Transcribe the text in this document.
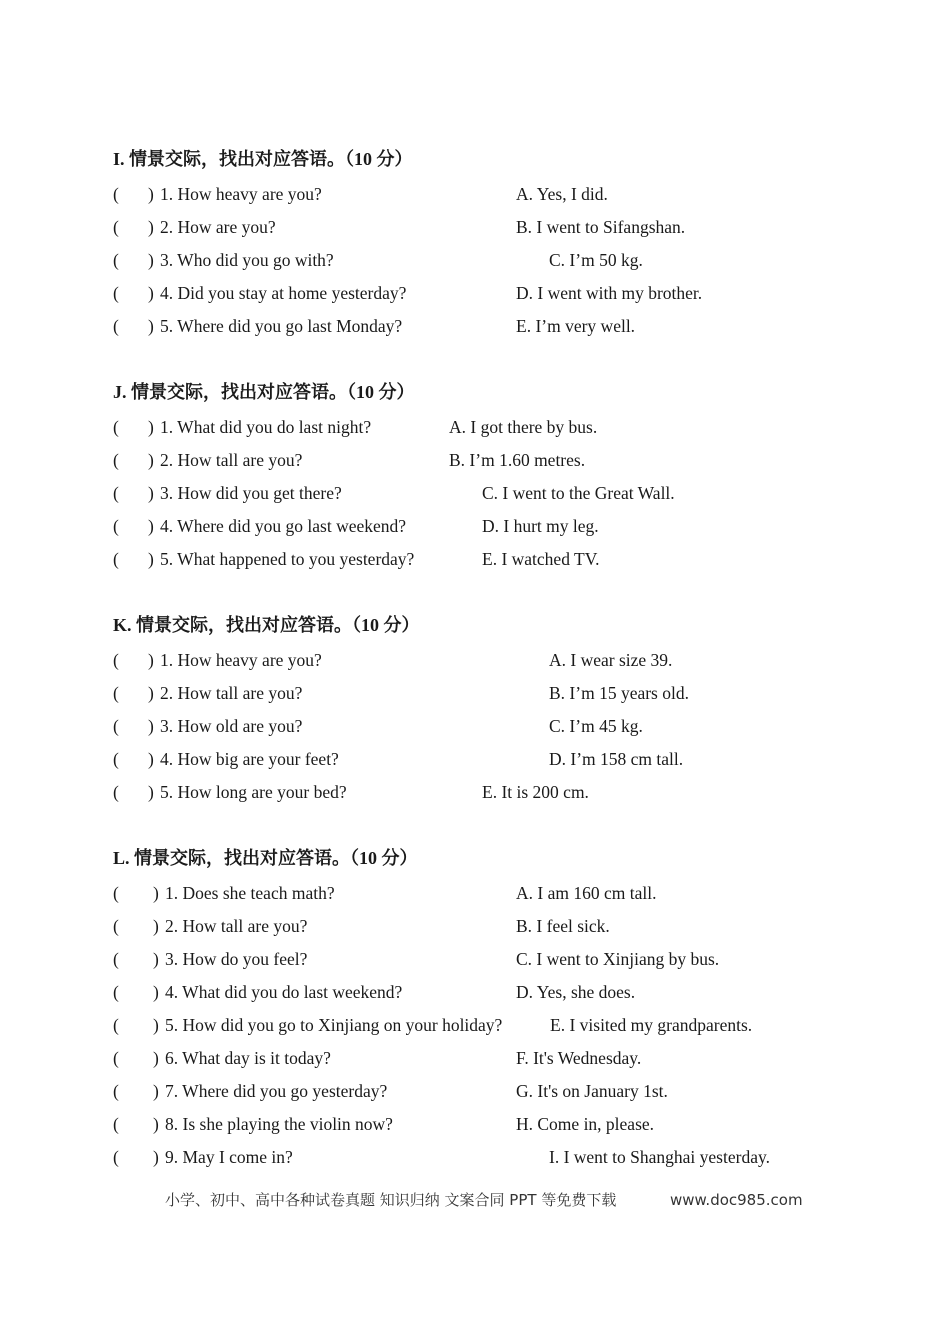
I. 情景交际，找出对应答语。（10 分）
( ) 1. How heavy are you?	A. Yes, I did.
( ) 2. How are you?	B. I went to Sifangshan.
( ) 3. Who did you go with?	C. I’m 50 kg.
( ) 4. Did you stay at home yesterday?	D. I went with my brother.
( ) 5. Where did you go last Monday?	E. I’m very well.
J. 情景交际，找出对应答语。（10 分）
( ) 1. What did you do last night?	A. I got there by bus.
( ) 2. How tall are you?	B. I’m 1.60 metres.
( ) 3. How did you get there?	C. I went to the Great Wall.
( ) 4. Where did you go last weekend?	D. I hurt my leg.
( ) 5. What happened to you yesterday?	E. I watched TV.
K. 情景交际，找出对应答语。（10 分）
( ) 1. How heavy are you?	A. I wear size 39.
( ) 2. How tall are you?	B. I’m 15 years old.
( ) 3. How old are you?	C. I’m 45 kg.
( ) 4. How big are your feet?	D. I’m 158 cm tall.
( ) 5. How long are your bed?	E. It is 200 cm.
L. 情景交际，找出对应答语。（10 分）
( ) 1. Does she teach math?	A. I am 160 cm tall.
( ) 2. How tall are you?	B. I feel sick.
( ) 3. How do you feel?	C. I went to Xinjiang by bus.
( ) 4. What did you do last weekend?	D. Yes, she does.
( ) 5. How did you go to Xinjiang on your holiday?	E. I visited my grandparents.
( ) 6. What day is it today?	F. It's Wednesday.
( ) 7. Where did you go yesterday?	G. It's on January 1st.
( ) 8. Is she playing the violin now?	H. Come in, please.
( ) 9. May I come in?	I. I went to Shanghai yesterday.
小学、初中、高中各种试卷真题 知识归纳 文案合同 PPT 等免费下载	www.doc985.com
